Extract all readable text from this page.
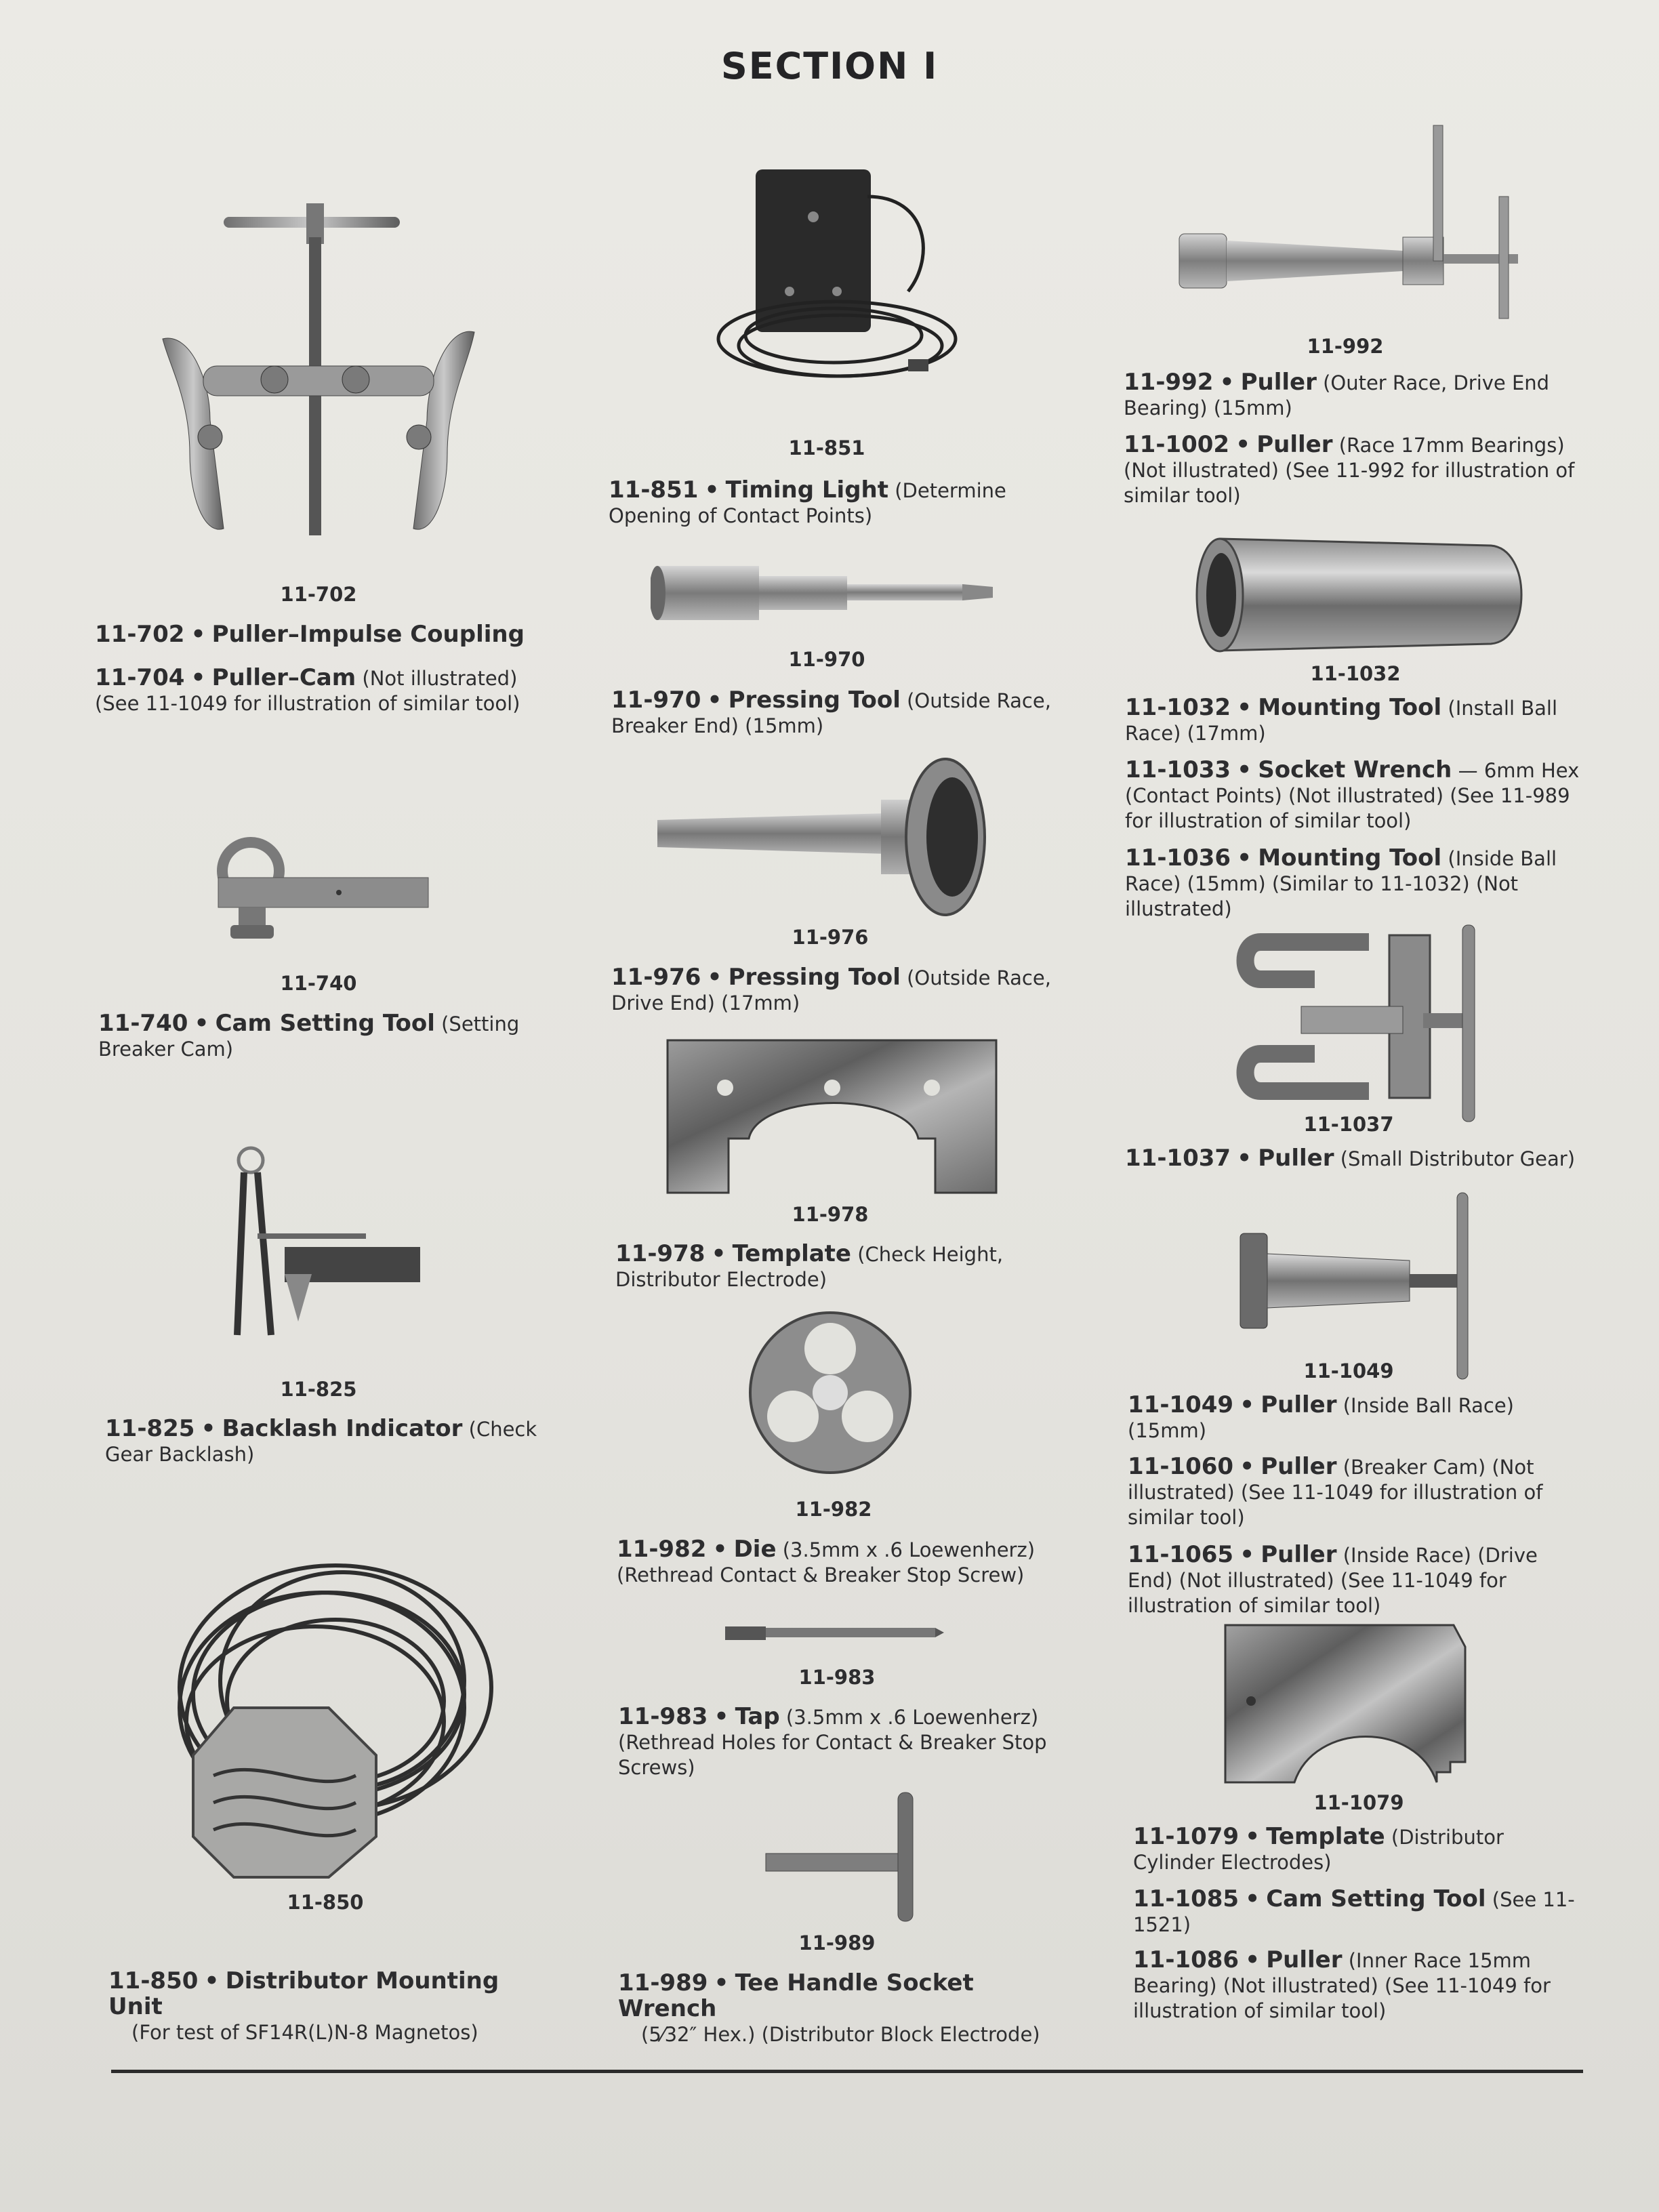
SECTION I
11-702
11-740
11-825
11-850
11-851
11-970
11-976
11-978
11-982
11-983
11-989
11-992
11-1032
11-1037
11-1049
11-1079
11-702 • Puller–Impulse Coupling
11-704 • Puller–Cam (Not illustrated) (See 11-1049 for illustration of similar tool)
11-740 • Cam Setting Tool (Setting Breaker Cam)
11-825 • Backlash Indicator (Check Gear Backlash)
11-850 • Distributor Mounting Unit
(For test of SF14R(L)N-8 Magnetos)
11-851 • Timing Light (Determine Opening of Contact Points)
11-970 • Pressing Tool (Outside Race, Breaker End) (15mm)
11-976 • Pressing Tool (Outside Race, Drive End) (17mm)
11-978 • Template (Check Height, Distributor Electrode)
11-982 • Die (3.5mm x .6 Loewenherz) (Rethread Contact & Breaker Stop Screw)
11-983 • Tap (3.5mm x .6 Loewenherz) (Rethread Holes for Contact & Breaker Stop Screws)
11-989 • Tee Handle Socket Wrench
(5⁄32″ Hex.) (Distributor Block Electrode)
11-992 • Puller (Outer Race, Drive End Bearing) (15mm)
11-1002 • Puller (Race 17mm Bearings) (Not illustrated) (See 11-992 for illustration of similar tool)
11-1032 • Mounting Tool (Install Ball Race) (17mm)
11-1033 • Socket Wrench — 6mm Hex (Contact Points) (Not illustrated) (See 11-989 for illustration of similar tool)
11-1036 • Mounting Tool (Inside Ball Race) (15mm) (Similar to 11-1032) (Not illustrated)
11-1037 • Puller (Small Distributor Gear)
11-1049 • Puller (Inside Ball Race) (15mm)
11-1060 • Puller (Breaker Cam) (Not illustrated) (See 11-1049 for illustration of similar tool)
11-1065 • Puller (Inside Race) (Drive End) (Not illustrated) (See 11-1049 for illustration of similar tool)
11-1079 • Template (Distributor Cylinder Electrodes)
11-1085 • Cam Setting Tool (See 11-1521)
11-1086 • Puller (Inner Race 15mm Bearing) (Not illustrated) (See 11-1049 for illustration of similar tool)
